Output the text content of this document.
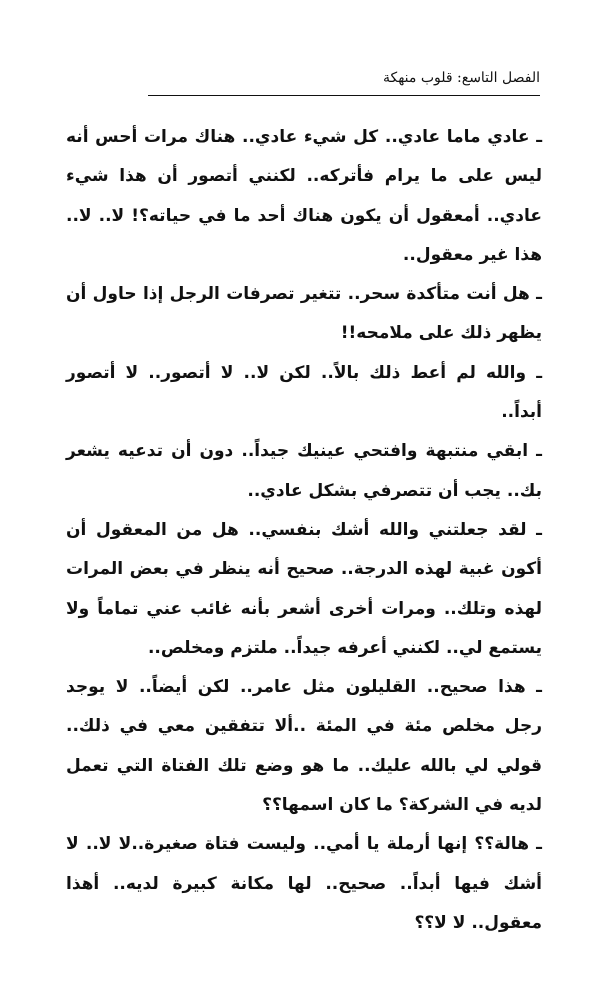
الفصل التاسع: قلوب منهكة

ـ عادي ماما عادي.. كل شيء عادي.. هناك مرات أحس أنه ليس على ما يرام فأتركه.. لكنني أتصور أن هذا شيء عادي.. أمعقول أن يكون هناك أحد ما في حياته؟! لا.. لا.. هذا غير معقول..

ـ هل أنت متأكدة سحر.. تتغير تصرفات الرجل إذا حاول أن يظهر ذلك على ملامحه!!

ـ والله لم أعط ذلك بالاً.. لكن لا.. لا أتصور.. لا أتصور أبداً..

ـ ابقي منتبهة وافتحي عينيك جيداً.. دون أن تدعيه يشعر بك.. يجب أن تتصرفي بشكل عادي..

ـ لقد جعلتني والله أشك بنفسي.. هل من المعقول أن أكون غبية لهذه الدرجة.. صحيح أنه ينظر في بعض المرات لهذه وتلك.. ومرات أخرى أشعر بأنه غائب عني تماماً ولا يستمع لي.. لكنني أعرفه جيداً.. ملتزم ومخلص..

ـ هذا صحيح.. القليلون مثل عامر.. لكن أيضاً.. لا يوجد رجل مخلص مئة في المئة ..ألا تتفقين معي في ذلك.. قولي لي بالله عليك.. ما هو وضع تلك الفتاة التي تعمل لديه في الشركة؟ ما كان اسمها؟؟

ـ هالة؟؟ إنها أرملة يا أمي.. وليست فتاة صغيرة..لا لا.. لا أشك فيها أبداً.. صحيح.. لها مكانة كبيرة لديه.. أهذا معقول.. لا لا؟؟
